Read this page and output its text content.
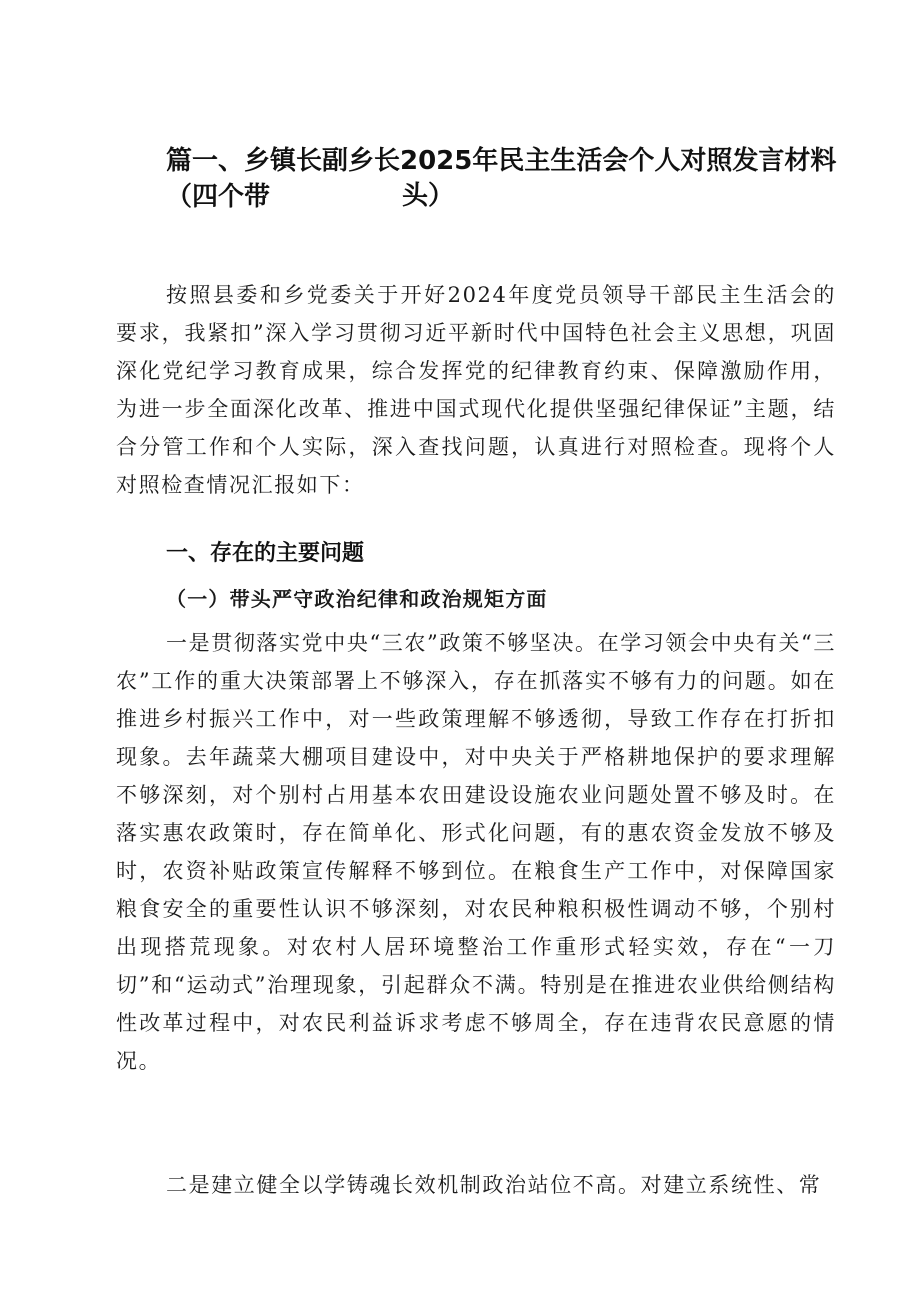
篇一、乡镇长副乡长2025年民主生活会个人对照发言材料（四个带	头）

按照县委和乡党委关于开好2024年度党员领导干部民主生活会的要求，我紧扣”深入学习贯彻习近平新时代中国特色社会主义思想，巩固深化党纪学习教育成果，综合发挥党的纪律教育约束、保障激励作用，为进一步全面深化改革、推进中国式现代化提供坚强纪律保证”主题，结合分管工作和个人实际，深入查找问题，认真进行对照检查。现将个人对照检查情况汇报如下：

一、存在的主要问题
（一）带头严守政治纪律和政治规矩方面

一是贯彻落实党中央“三农”政策不够坚决。在学习领会中央有关“三农”工作的重大决策部署上不够深入，存在抓落实不够有力的问题。如在推进乡村振兴工作中，对一些政策理解不够透彻，导致工作存在打折扣现象。去年蔬菜大棚项目建设中，对中央关于严格耕地保护的要求理解不够深刻，对个别村占用基本农田建设设施农业问题处置不够及时。在落实惠农政策时，存在简单化、形式化问题，有的惠农资金发放不够及时，农资补贴政策宣传解释不够到位。在粮食生产工作中，对保障国家粮食安全的重要性认识不够深刻，对农民种粮积极性调动不够，个别村出现搭荒现象。对农村人居环境整治工作重形式轻实效，存在“一刀切”和“运动式”治理现象，引起群众不满。特别是在推进农业供给侧结构性改革过程中，对农民利益诉求考虑不够周全，存在违背农民意愿的情况。

二是建立健全以学铸魂长效机制政治站位不高。对建立系统性、常
